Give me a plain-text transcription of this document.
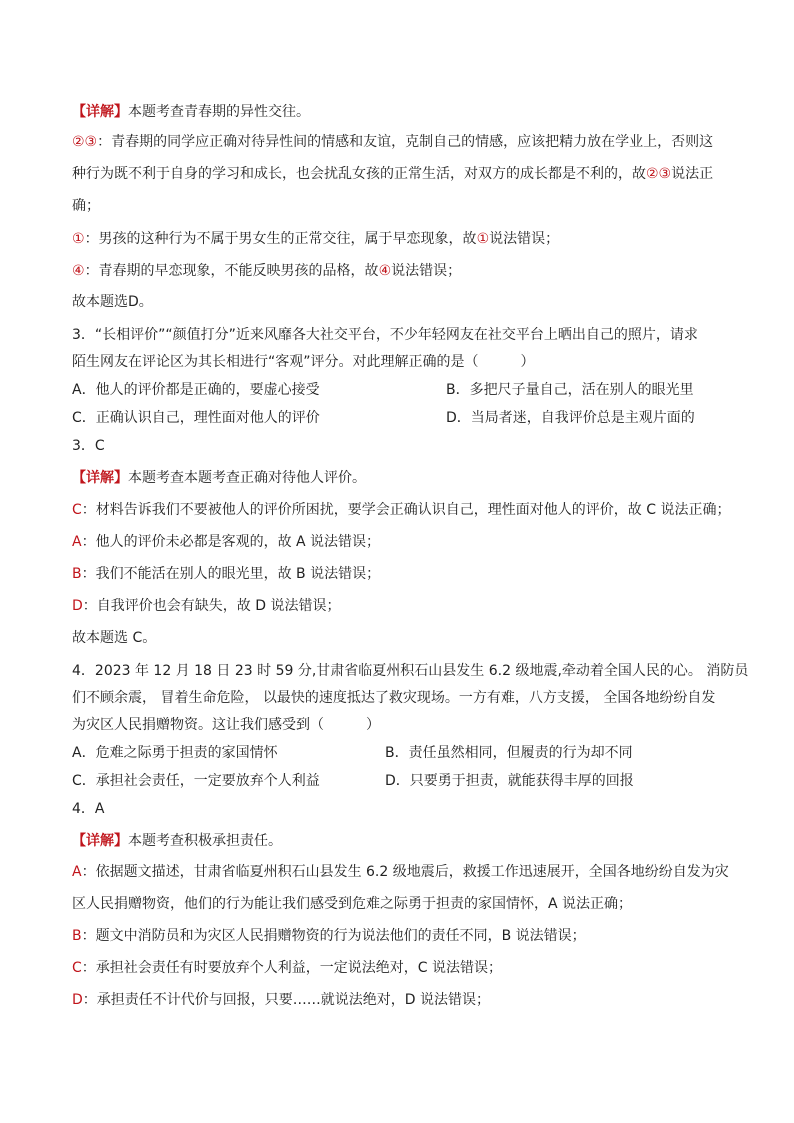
【详解】本题考查青春期的异性交往。
②③：青春期的同学应正确对待异性间的情感和友谊，克制自己的情感，应该把精力放在学业上，否则这
种行为既不利于自身的学习和成长，也会扰乱女孩的正常生活，对双方的成长都是不利的，故②③说法正
确；
①：男孩的这种行为不属于男女生的正常交往，属于早恋现象，故①说法错误；
④：青春期的早恋现象，不能反映男孩的品格，故④说法错误；
故本题选D。
3．“长相评价”“颜值打分”近来风靡各大社交平台，不少年轻网友在社交平台上晒出自己的照片，请求
陌生网友在评论区为其长相进行“客观”评分。对此理解正确的是（　　　）
A．他人的评价都是正确的，要虚心接受	B．多把尺子量自己，活在别人的眼光里
C．正确认识自己，理性面对他人的评价	D．当局者迷，自我评价总是主观片面的
3．C
【详解】本题考查本题考查正确对待他人评价。
C：材料告诉我们不要被他人的评价所困扰，要学会正确认识自己，理性面对他人的评价，故 C 说法正确；
A：他人的评价未必都是客观的，故 A 说法错误；
B：我们不能活在别人的眼光里，故 B 说法错误；
D：自我评价也会有缺失，故 D 说法错误；
故本题选 C。
4．2023 年 12 月 18 日 23 时 59 分,甘肃省临夏州积石山县发生 6.2 级地震,牵动着全国人民的心。 消防员
们不顾余震， 冒着生命危险， 以最快的速度抵达了救灾现场。一方有难，八方支援， 全国各地纷纷自发
为灾区人民捐赠物资。这让我们感受到（　　　）
A．危难之际勇于担责的家国情怀	B．责任虽然相同，但履责的行为却不同
C．承担社会责任，一定要放弃个人利益	D．只要勇于担责，就能获得丰厚的回报
4．A
【详解】本题考查积极承担责任。
A：依据题文描述，甘肃省临夏州积石山县发生 6.2 级地震后，救援工作迅速展开，全国各地纷纷自发为灾
区人民捐赠物资，他们的行为能让我们感受到危难之际勇于担责的家国情怀，A 说法正确；
B：题文中消防员和为灾区人民捐赠物资的行为说法他们的责任不同，B 说法错误；
C：承担社会责任有时要放弃个人利益，一定说法绝对，C 说法错误；
D：承担责任不计代价与回报，只要……就说法绝对，D 说法错误；
